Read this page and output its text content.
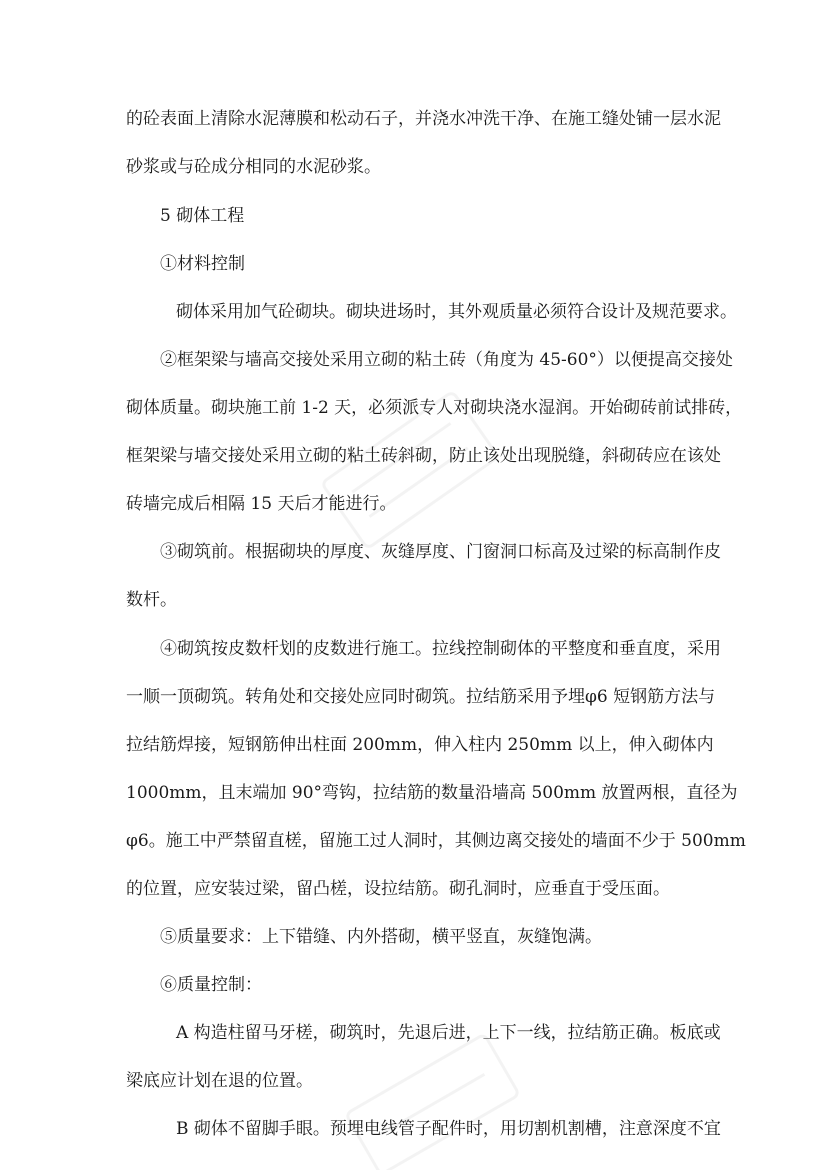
的砼表面上清除水泥薄膜和松动石子，并浇水冲洗干净、在施工缝处铺一层水泥
砂浆或与砼成分相同的水泥砂浆。
5 砌体工程
①材料控制
砌体采用加气砼砌块。砌块进场时，其外观质量必须符合设计及规范要求。
②框架梁与墙高交接处采用立砌的粘土砖（角度为 45-60°）以便提高交接处
砌体质量。砌块施工前 1-2 天，必须派专人对砌块浇水湿润。开始砌砖前试排砖，
框架梁与墙交接处采用立砌的粘土砖斜砌，防止该处出现脱缝，斜砌砖应在该处
砖墙完成后相隔 15 天后才能进行。
③砌筑前。根据砌块的厚度、灰缝厚度、门窗洞口标高及过梁的标高制作皮
数杆。
④砌筑按皮数杆划的皮数进行施工。拉线控制砌体的平整度和垂直度，采用
一顺一顶砌筑。转角处和交接处应同时砌筑。拉结筋采用予埋φ6 短钢筋方法与
拉结筋焊接，短钢筋伸出柱面 200mm，伸入柱内 250mm 以上，伸入砌体内
1000mm，且末端加 90°弯钩，拉结筋的数量沿墙高 500mm 放置两根，直径为
φ6。施工中严禁留直槎，留施工过人洞时，其侧边离交接处的墙面不少于 500mm
的位置，应安装过梁，留凸槎，设拉结筋。砌孔洞时，应垂直于受压面。
⑤质量要求：上下错缝、内外搭砌，横平竖直，灰缝饱满。
⑥质量控制：
A 构造柱留马牙槎，砌筑时，先退后进，上下一线，拉结筋正确。板底或
梁底应计划在退的位置。
B 砌体不留脚手眼。预埋电线管子配件时，用切割机割槽，注意深度不宜
